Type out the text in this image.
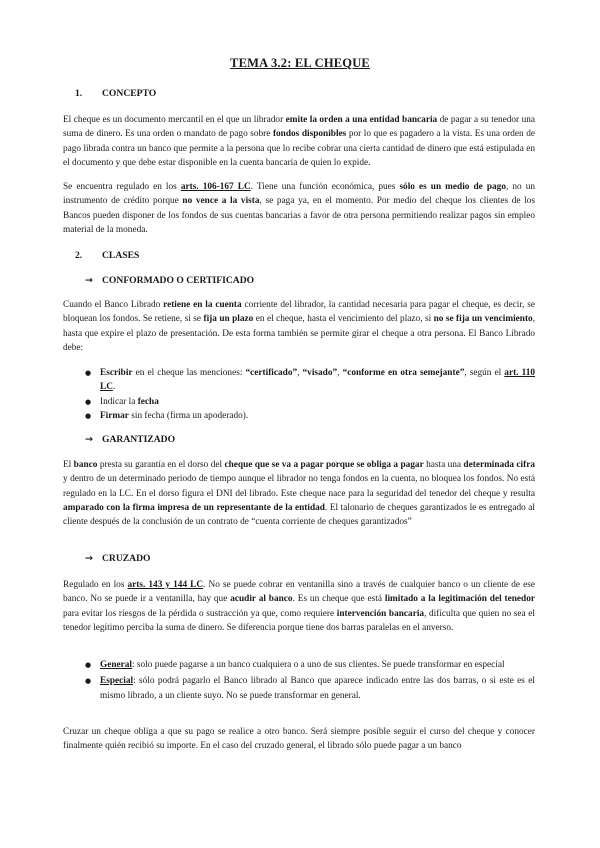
TEMA 3.2: EL CHEQUE
1. CONCEPTO
El cheque es un documento mercantil en el que un librador emite la orden a una entidad bancaria de pagar a su tenedor una suma de dinero. Es una orden o mandato de pago sobre fondos disponibles por lo que es pagadero a la vista. Es una orden de pago librada contra un banco que permite a la persona que lo recibe cobrar una cierta cantidad de dinero que está estipulada en el documento y que debe estar disponible en la cuenta bancaria de quien lo expide.
Se encuentra regulado en los arts. 106-167 LC. Tiene una función económica, pues sólo es un medio de pago, no un instrumento de crédito porque no vence a la vista, se paga ya, en el momento. Por medio del cheque los clientes de los Bancos pueden disponer de los fondos de sus cuentas bancarias a favor de otra persona permitiendo realizar pagos sin empleo material de la moneda.
2. CLASES
→ CONFORMADO O CERTIFICADO
Cuando el Banco Librado retiene en la cuenta corriente del librador, la cantidad necesaria para pagar el cheque, es decir, se bloquean los fondos. Se retiene, si se fija un plazo en el cheque, hasta el vencimiento del plazo, si no se fija un vencimiento, hasta que expire el plazo de presentación. De esta forma también se permite girar el cheque a otra persona. El Banco Librado debe:
● Escribir en el cheque las menciones: “certificado”, “visado”, “conforme en otra semejante”, según el art. 110 LC.
● Indicar la fecha
● Firmar sin fecha (firma un apoderado).
→ GARANTIZADO
El banco presta su garantía en el dorso del cheque que se va a pagar porque se obliga a pagar hasta una determinada cifra y dentro de un determinado periodo de tiempo aunque el librador no tenga fondos en la cuenta, no bloquea los fondos. No está regulado en la LC. En el dorso figura el DNI del librado. Este cheque nace para la seguridad del tenedor del cheque y resulta amparado con la firma impresa de un representante de la entidad. El talonario de cheques garantizados le es entregado al cliente después de la conclusión de un contrato de “cuenta corriente de cheques garantizados”
→ CRUZADO
Regulado en los arts. 143 y 144 LC. No se puede cobrar en ventanilla sino a través de cualquier banco o un cliente de ese banco. No se puede ir a ventanilla, hay que acudir al banco. Es un cheque que está limitado a la legitimación del tenedor para evitar los riesgos de la pérdida o sustracción ya que, como requiere intervención bancaria, dificulta que quien no sea el tenedor legítimo perciba la suma de dinero. Se diferencia porque tiene dos barras paralelas en el anverso.
● General: solo puede pagarse a un banco cualquiera o a uno de sus clientes. Se puede transformar en especial
● Especial: sólo podrá pagarlo el Banco librado al Banco que aparece indicado entre las dos barras, o si este es el mismo librado, a un cliente suyo. No se puede transformar en general.
Cruzar un cheque obliga a que su pago se realice a otro banco. Será siempre posible seguir el curso del cheque y conocer finalmente quién recibió su importe. En el caso del cruzado general, el librado sólo puede pagar a un banco
